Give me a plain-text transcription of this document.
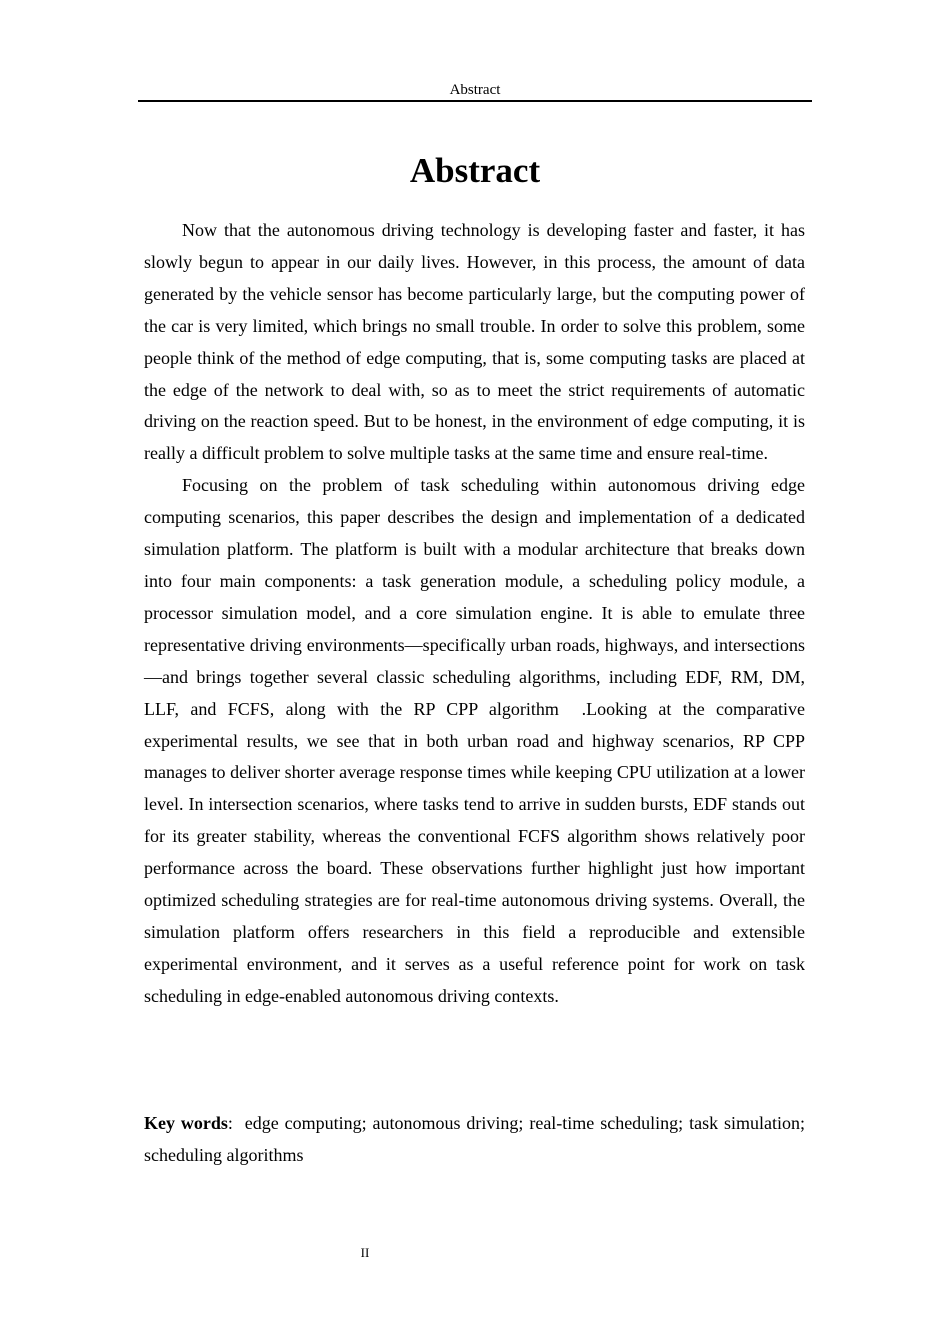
Abstract
Abstract

Now that the autonomous driving technology is developing faster and faster, it has slowly begun to appear in our daily lives. However, in this process, the amount of data generated by the vehicle sensor has become particularly large, but the computing power of the car is very limited, which brings no small trouble. In order to solve this problem, some people think of the method of edge computing, that is, some computing tasks are placed at the edge of the network to deal with, so as to meet the strict requirements of automatic driving on the reaction speed. But to be honest, in the environment of edge computing, it is really a difficult problem to solve multiple tasks at the same time and ensure real-time.

Focusing on the problem of task scheduling within autonomous driving edge computing scenarios, this paper describes the design and implementation of a dedicated simulation platform. The platform is built with a modular architecture that breaks down into four main components: a task generation module, a scheduling policy module, a processor simulation model, and a core simulation engine. It is able to emulate three representative driving environments—specifically urban roads, highways, and intersections—and brings together several classic scheduling algorithms, including EDF, RM, DM, LLF, and FCFS, along with the RP CPP algorithm  .Looking at the comparative experimental results, we see that in both urban road and highway scenarios, RP CPP manages to deliver shorter average response times while keeping CPU utilization at a lower level. In intersection scenarios, where tasks tend to arrive in sudden bursts, EDF stands out for its greater stability, whereas the conventional FCFS algorithm shows relatively poor performance across the board. These observations further highlight just how important optimized scheduling strategies are for real-time autonomous driving systems. Overall, the simulation platform offers researchers in this field a reproducible and extensible experimental environment, and it serves as a useful reference point for work on task scheduling in edge-enabled autonomous driving contexts.

Key words:  edge computing; autonomous driving; real-time scheduling; task simulation; scheduling algorithms

II
